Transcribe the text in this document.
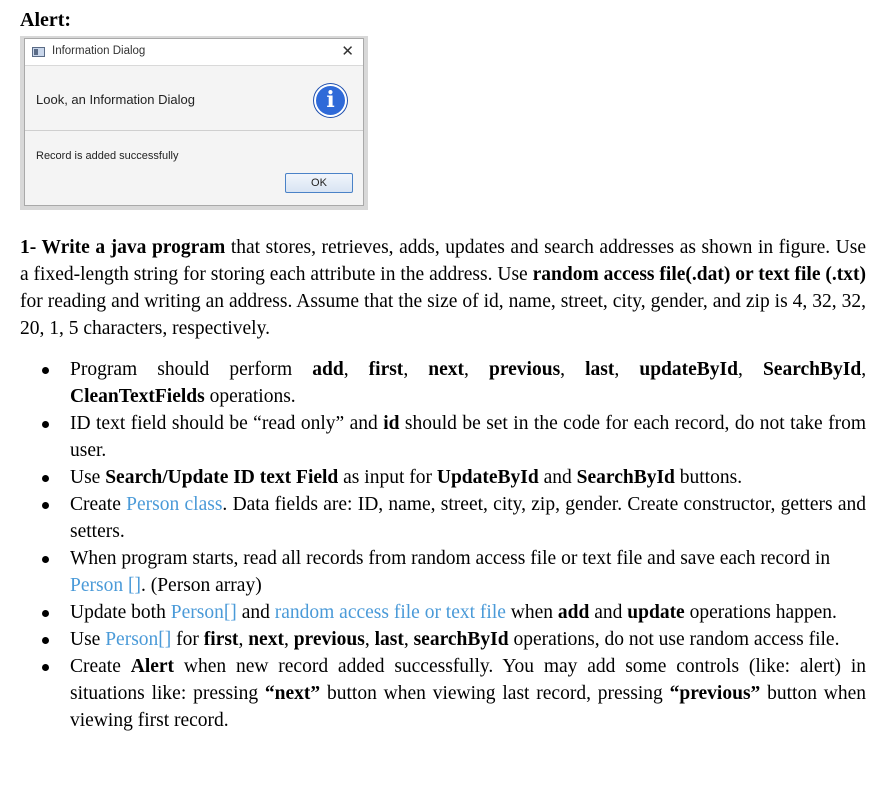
Alert:
Information Dialog	✕
Look, an Information Dialog	i
Record is added successfully
OK

1- Write a java program that stores, retrieves, adds, updates and search addresses as shown in figure. Use a fixed-length string for storing each attribute in the address. Use random access file(.dat) or text file (.txt) for reading and writing an address. Assume that the size of id, name, street, city, gender, and zip is 4, 32, 32, 20, 1, 5 characters, respectively.

Program should perform add, first, next, previous, last, updateById, SearchById, CleanTextFields operations.
ID text field should be “read only” and id should be set in the code for each record, do not take from user.
Use Search/Update ID text Field as input for UpdateById and SearchById buttons.
Create Person class. Data fields are: ID, name, street, city, zip, gender. Create constructor, getters and setters.
When program starts, read all records from random access file or text file and save each record in Person []. (Person array)
Update both Person[] and random access file or text file when add and update operations happen.
Use Person[] for first, next, previous, last, searchById operations, do not use random access file.
Create Alert when new record added successfully. You may add some controls (like: alert) in situations like: pressing “next” button when viewing last record, pressing “previous” button when viewing first record.
